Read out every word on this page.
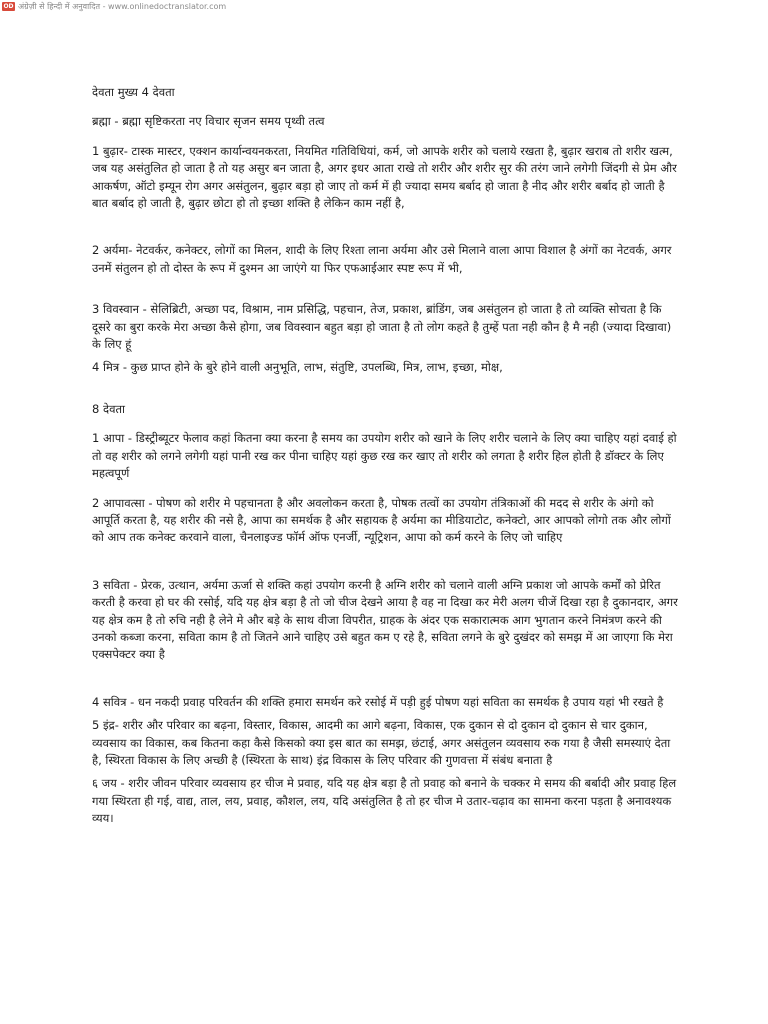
OD अंग्रेज़ी से हिन्दी में अनुवादित - www.onlinedoctranslator.com

देवता मुख्य 4 देवता

ब्रह्मा - ब्रह्मा सृष्टिकरता नए विचार सृजन समय पृथ्वी तत्व

1 बुढ़ार- टास्क मास्टर, एक्शन कार्यान्वयनकरता, नियमित गतिविधियां, कर्म, जो आपके शरीर को चलाये रखता है, बुढ़ार खराब तो शरीर खत्म, जब यह असंतुलित हो जाता है तो यह असुर बन जाता है, अगर इधर आता राखे तो शरीर और शरीर सुर की तरंग जाने लगेगी जिंदगी से प्रेम और आकर्षण, ऑटो इम्यून रोग अगर असंतुलन, बुढ़ार बड़ा हो जाए तो कर्म में ही ज्यादा समय बर्बाद हो जाता है नीद और शरीर बर्बाद हो जाती है बात बर्बाद हो जाती है, बुढ़ार छोटा हो तो इच्छा शक्ति है लेकिन काम नहीं है,

2 अर्यमा- नेटवर्कर, कनेक्टर, लोगों का मिलन, शादी के लिए रिश्ता लाना अर्यमा और उसे मिलाने वाला आपा विशाल है अंगों का नेटवर्क, अगर उनमें संतुलन हो तो दोस्त के रूप में दुश्मन आ जाएंगे या फिर एफआईआर स्पष्ट रूप में भी,

3 विवस्वान - सेलिब्रिटी, अच्छा पद, विश्राम, नाम प्रसिद्धि, पहचान, तेज, प्रकाश, ब्रांडिंग, जब असंतुलन हो जाता है तो व्यक्ति सोचता है कि दूसरे का बुरा करके मेरा अच्छा कैसे होगा, जब विवस्वान बहुत बड़ा हो जाता है तो लोग कहते है तुम्हें पता नही कौन है मै नही (ज्यादा दिखावा) के लिए हूं

4 मित्र - कुछ प्राप्त होने के बुरे होने वाली अनुभूति, लाभ, संतुष्टि, उपलब्धि, मित्र, लाभ, इच्छा, मोक्ष,

8 देवता

1 आपा - डिस्ट्रीब्यूटर फेलाव कहां कितना क्या करना है समय का उपयोग शरीर को खाने के लिए शरीर चलाने के लिए क्या चाहिए यहां दवाई हो तो वह शरीर को लगने लगेगी यहां पानी रख कर पीना चाहिए यहां कुछ रख कर खाए तो शरीर को लगता है शरीर हिल होती है डॉक्टर के लिए महत्वपूर्ण

2 आपावत्सा - पोषण को शरीर मे पहचानता है और अवलोकन करता है, पोषक तत्वों का उपयोग तंत्रिकाओं की मदद से शरीर के अंगो को आपूर्ति करता है, यह शरीर की नसे है, आपा का समर्थक है और सहायक है अर्यमा का मीडियाटोट, कनेक्टो, आर आपको लोगो तक और लोगों को आप तक कनेक्ट करवाने वाला, चैनलाइज्ड फॉर्म ऑफ एनर्जी, न्यूट्रिशन, आपा को कर्म करने के लिए जो चाहिए

3 सविता - प्रेरक, उत्थान, अर्यमा ऊर्जा से शक्ति कहां उपयोग करनी है अग्नि शरीर को चलाने वाली अग्नि प्रकाश जो आपके कर्मों को प्रेरित करती है करवा हो घर की रसोई, यदि यह क्षेत्र बड़ा है तो जो चीज देखने आया है वह ना दिखा कर मेरी अलग चीजें दिखा रहा है दुकानदार, अगर यह क्षेत्र कम है तो रुचि नही है लेने मे और बड़े के साथ वीजा विपरीत, ग्राहक के अंदर एक सकारात्मक आग भुगतान करने निमंत्रण करने की उनको कब्जा करना, सविता काम है तो जितने आने चाहिए उसे बहुत कम ए रहे है, सविता लगने के बुरे दुखंदर को समझ में आ जाएगा कि मेरा एक्सपेक्टर क्या है

4 सवित्र - धन नकदी प्रवाह परिवर्तन की शक्ति हमारा समर्थन करे रसोई में पड़ी हुई पोषण यहां सविता का समर्थक है उपाय यहां भी रखते है

5 इंद्र- शरीर और परिवार का बढ़ना, विस्तार, विकास, आदमी का आगे बढ़ना, विकास, एक दुकान से दो दुकान दो दुकान से चार दुकान, व्यवसाय का विकास, कब कितना कहा कैसे किसको क्या इस बात का समझ, छंटाई, अगर असंतुलन व्यवसाय रुक गया है जैसी समस्याएं देता है, स्थिरता विकास के लिए अच्छी है (स्थिरता के साथ) इंद्र विकास के लिए परिवार की गुणवत्ता में संबंध बनाता है

६ जय - शरीर जीवन परिवार व्यवसाय हर चीज मे प्रवाह, यदि यह क्षेत्र बड़ा है तो प्रवाह को बनाने के चक्कर मे समय की बर्बादी और प्रवाह हिल गया स्थिरता ही गई, वाद्य, ताल, लय, प्रवाह, कौशल, लय, यदि असंतुलित है तो हर चीज मे उतार-चढ़ाव का सामना करना पड़ता है अनावश्यक व्यय।
